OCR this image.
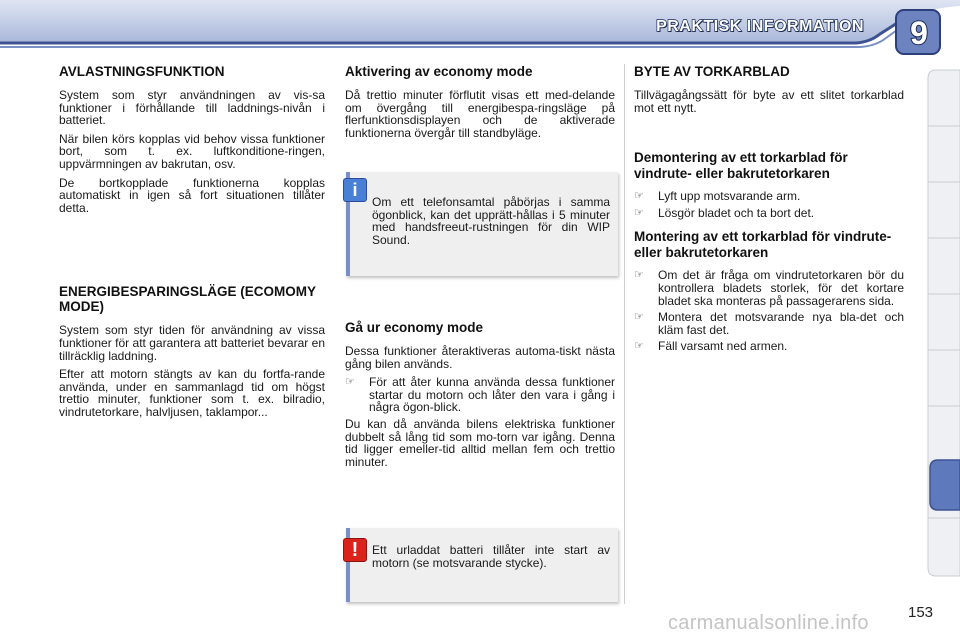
PRAKTISK INFORMATION	9
AVLASTNINGSFUNKTION

System som styr användningen av vis-sa funktioner i förhållande till laddnings-nivån i batteriet.

När bilen körs kopplas vid behov vissa funktioner bort, som t. ex. luftkonditione-ringen, uppvärmningen av bakrutan, osv.

De bortkopplade funktionerna kopplas automatiskt in igen så fort situationen tillåter detta.

ENERGIBESPARINGSLÄGE (ECOMOMY MODE)

System som styr tiden för användning av vissa funktioner för att garantera att batteriet bevarar en tillräcklig laddning.

Efter att motorn stängts av kan du fortfa-rande använda, under en sammanlagd tid om högst trettio minuter, funktioner som t. ex. bilradio, vindrutetorkare, halvljusen, taklampor...

Aktivering av economy mode

Då trettio minuter förflutit visas ett med-delande om övergång till energibespa-ringsläge på flerfunktionsdisplayen och de aktiverade funktionerna övergår till standbyläge.

Om ett telefonsamtal påbörjas i samma ögonblick, kan det upprätt-hållas i 5 minuter med handsfreeut-rustningen för din WIP Sound.
i
Gå ur economy mode

Dessa funktioner återaktiveras automa-tiskt nästa gång bilen används.

☞	För att åter kunna använda dessa funktioner startar du motorn och låter den vara i gång i några ögon-blick.

Du kan då använda bilens elektriska funktioner dubbelt så lång tid som mo-torn var igång. Denna tid ligger emeller-tid alltid mellan fem och trettio minuter.

Ett urladdat batteri tillåter inte start av motorn (se motsvarande stycke).
!
BYTE AV TORKARBLAD

Tillvägagångssätt för byte av ett slitet torkarblad mot ett nytt.

Demontering av ett torkarblad för vindrute- eller bakrutetorkaren
☞	Lyft upp motsvarande arm.
☞	Lösgör bladet och ta bort det.
Montering av ett torkarblad för vindrute- eller bakrutetorkaren
☞	Om det är fråga om vindrutetorkaren bör du kontrollera bladets storlek, för det kortare bladet ska monteras på passagerarens sida.
☞	Montera det motsvarande nya bla-det och kläm fast det.
☞	Fäll varsamt ned armen.
carmanualsonline.info	153
